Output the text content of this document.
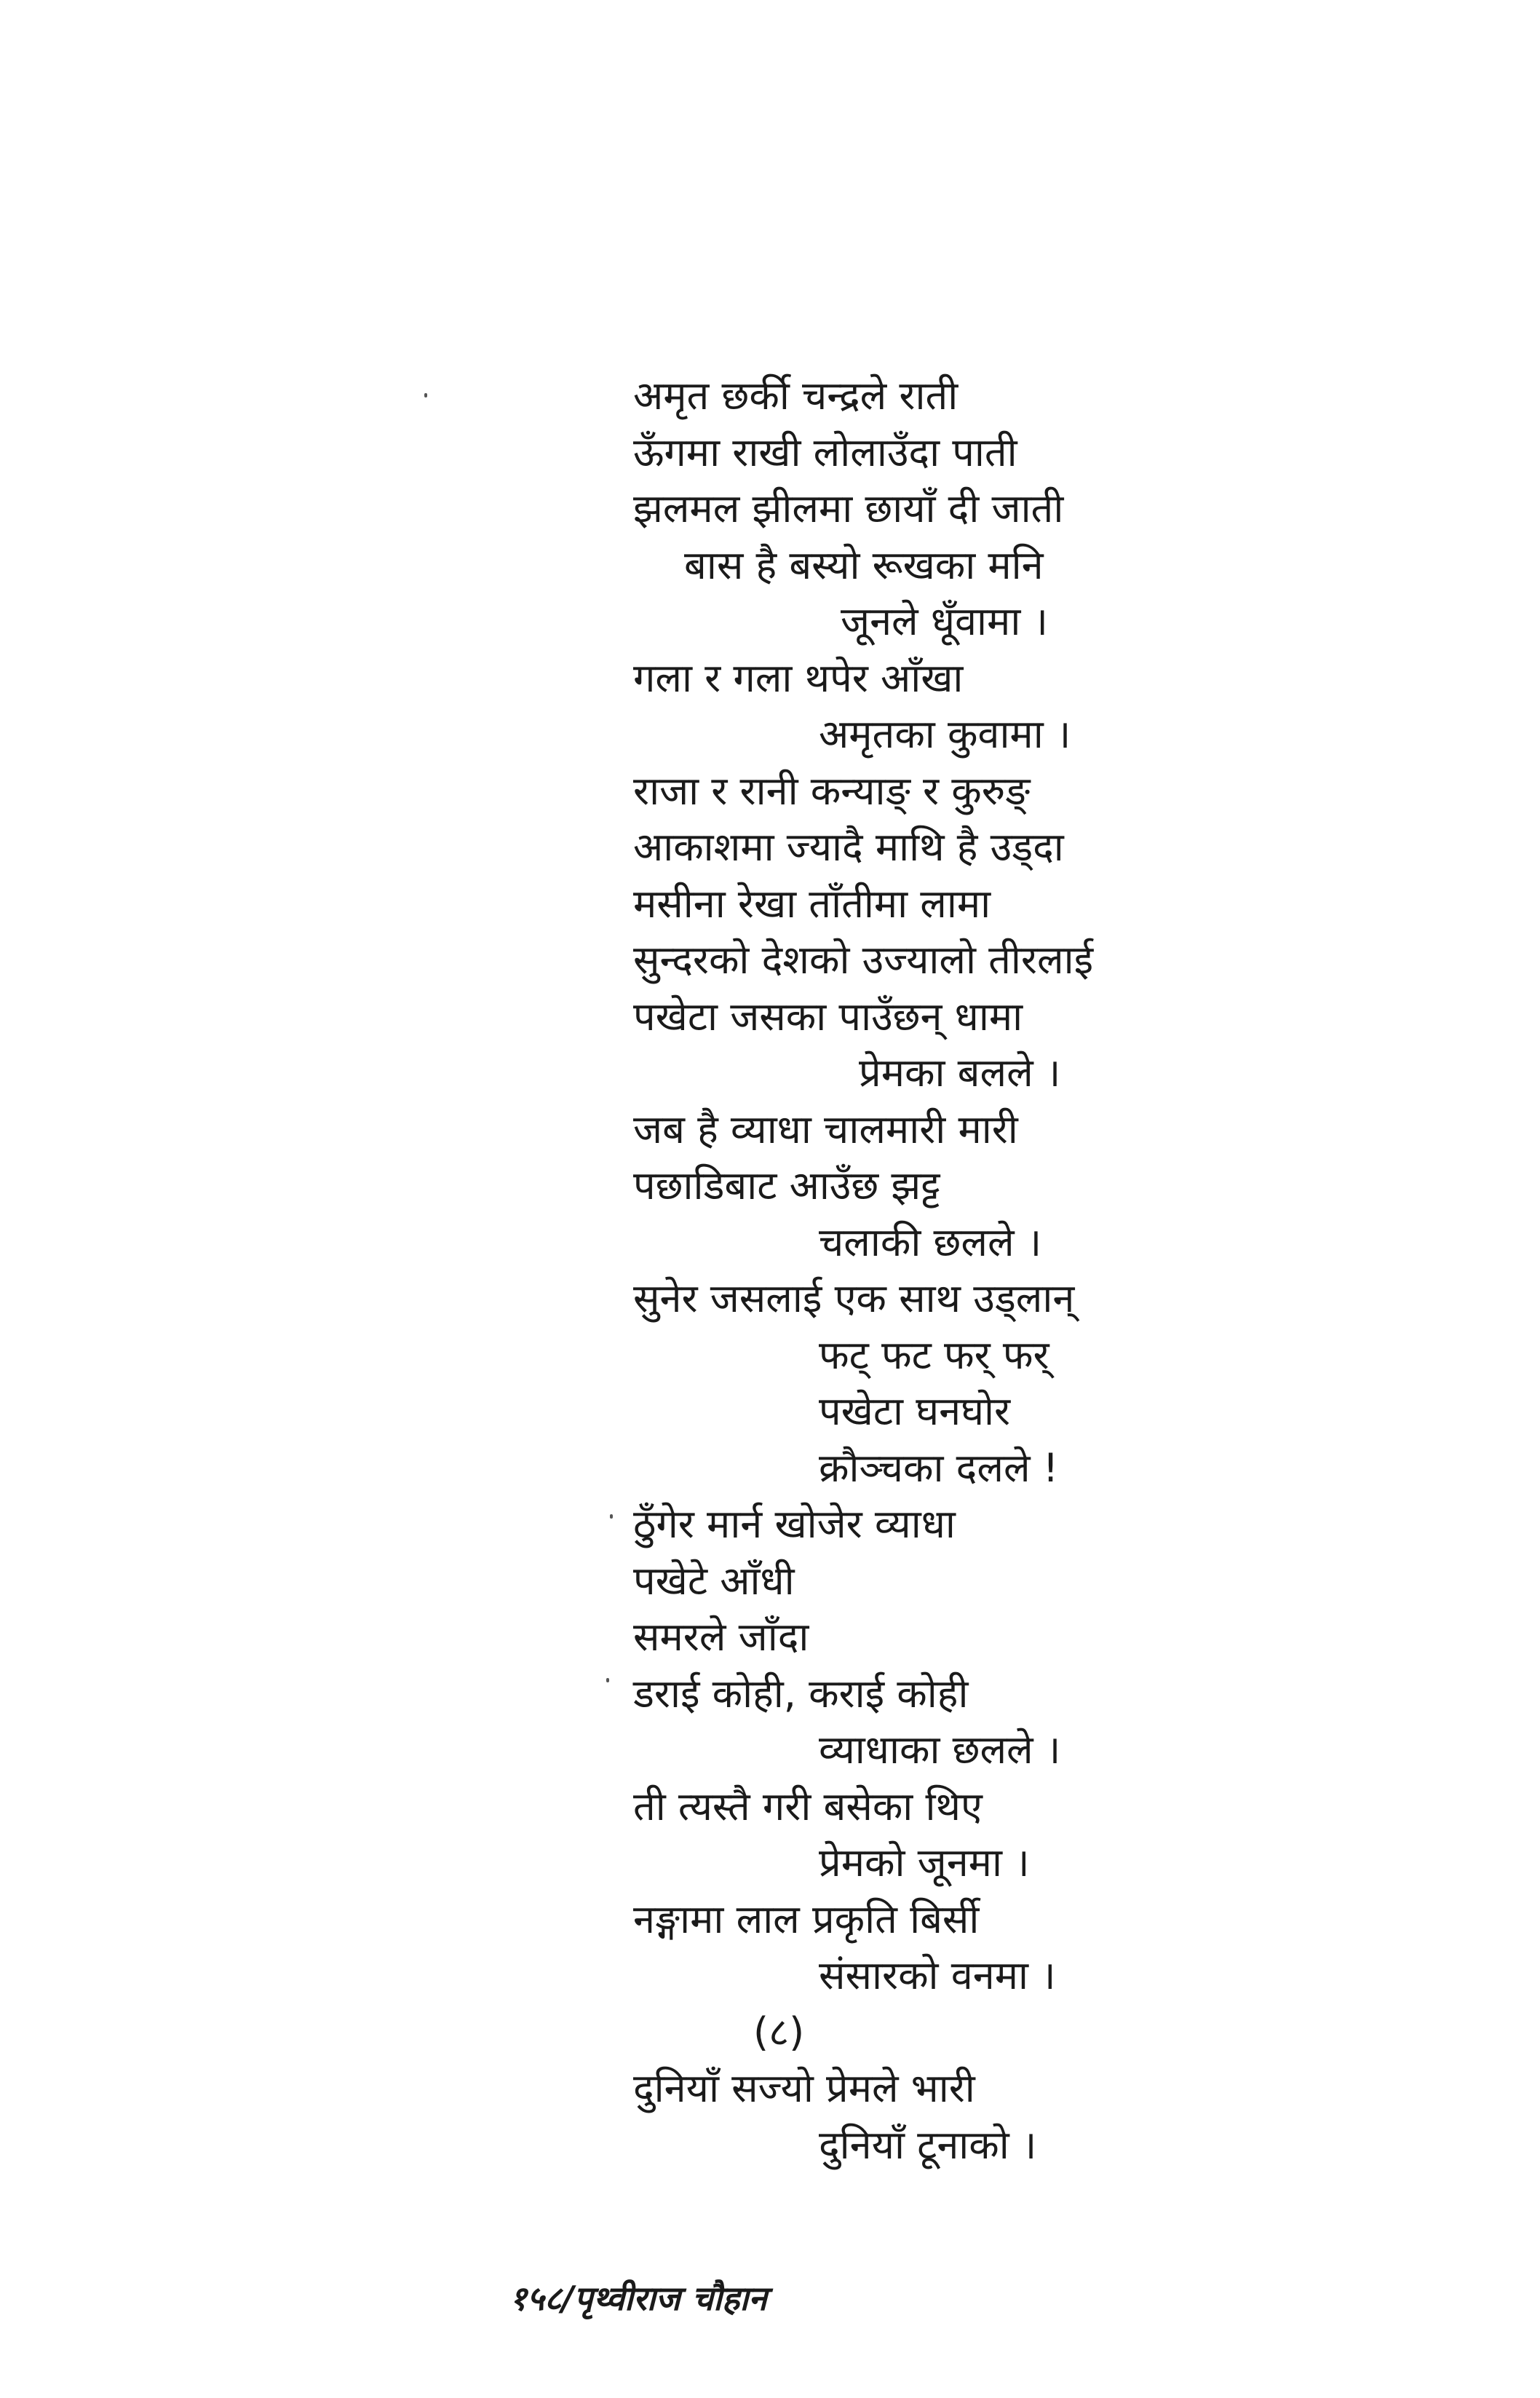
अमृत छर्की चन्द्रले राती
ऊँगमा राखी लोलाउँदा पाती
झलमल झीलमा छायाँ दी जाती
बास है बस्यो रूखका मनि
जूनले धूँवामा ।
गला र गला थपेर आँखा
अमृतका कुवामा ।
राजा र रानी कन्याङ् र कुरुङ्
आकाशमा ज्यादै माथि है उड्दा
मसीना रेखा ताँतीमा लामा
सुन्दरको देशको उज्यालो तीरलाई
पखेटा जसका पाउँछन् धामा
प्रेमका बलले ।
जब है व्याधा चालमारी मारी
पछाडिबाट आउँछ झट्ट
चलाकी छलले ।
सुनेर जसलाई एक साथ उड्लान्
फट् फट फर् फर्
पखेटा घनघोर
क्रौञ्चका दलले !
ठुँगेर मार्न खोजेर व्याधा
पखेटे आँधी
समरले जाँदा
डराई कोही, कराई कोही
व्याधाका छलले ।
ती त्यस्तै गरी बसेका थिए
प्रेमको जूनमा ।
नङ्गामा लाल प्रकृति बिर्सी
संसारको वनमा ।
(८)
दुनियाँ सज्यो प्रेमले भारी
दुनियाँ टूनाको ।
१५८/पृथ्वीराज चौहान
